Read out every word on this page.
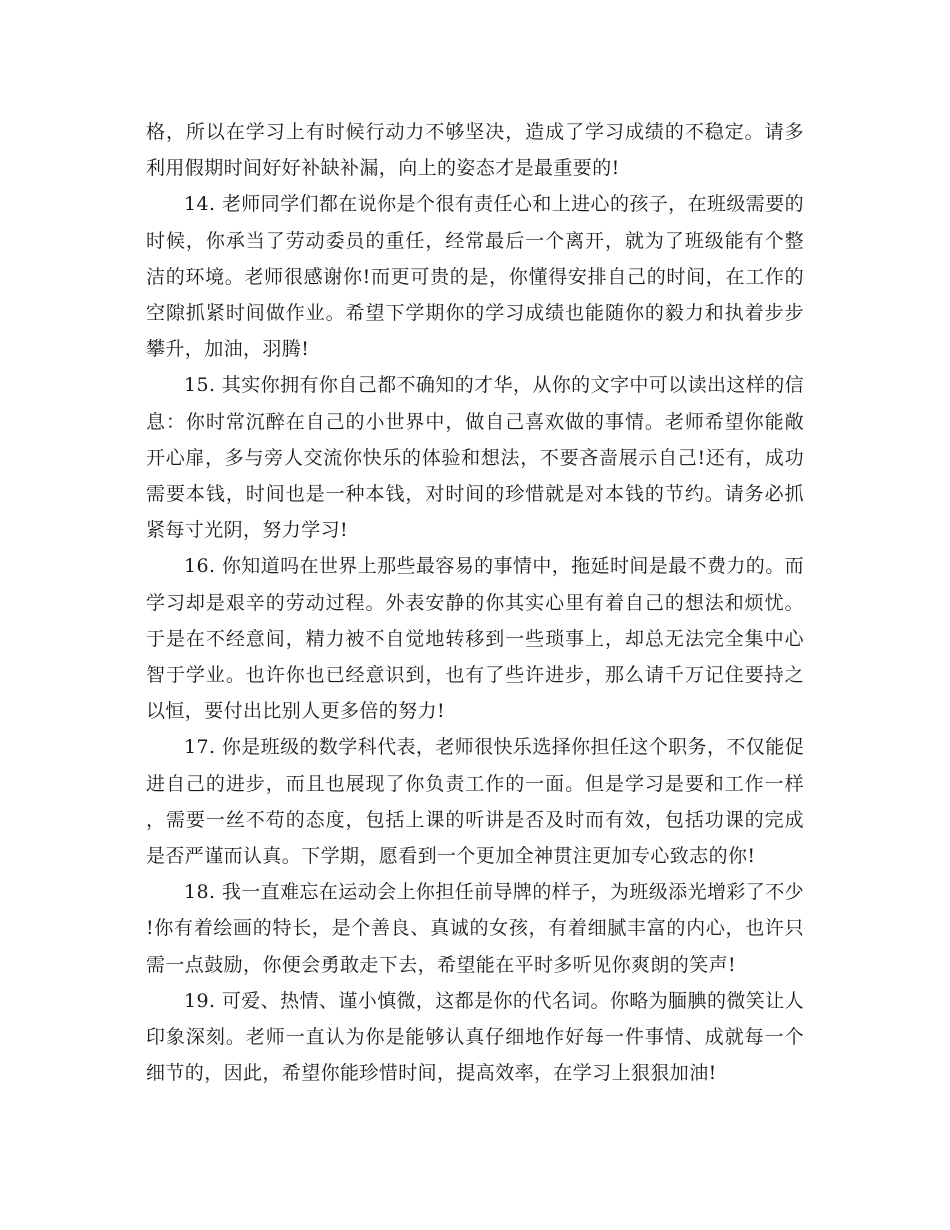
格，所以在学习上有时候行动力不够坚决，造成了学习成绩的不稳定。请多利用假期时间好好补缺补漏，向上的姿态才是最重要的!

14. 老师同学们都在说你是个很有责任心和上进心的孩子，在班级需要的时候，你承当了劳动委员的重任，经常最后一个离开，就为了班级能有个整洁的环境。老师很感谢你!而更可贵的是，你懂得安排自己的时间，在工作的空隙抓紧时间做作业。希望下学期你的学习成绩也能随你的毅力和执着步步攀升，加油，羽腾!

15. 其实你拥有你自己都不确知的才华，从你的文字中可以读出这样的信息：你时常沉醉在自己的小世界中，做自己喜欢做的事情。老师希望你能敞开心扉，多与旁人交流你快乐的体验和想法，不要吝啬展示自己!还有，成功需要本钱，时间也是一种本钱，对时间的珍惜就是对本钱的节约。请务必抓紧每寸光阴，努力学习!

16. 你知道吗在世界上那些最容易的事情中，拖延时间是最不费力的。而学习却是艰辛的劳动过程。外表安静的你其实心里有着自己的想法和烦忧。于是在不经意间，精力被不自觉地转移到一些琐事上，却总无法完全集中心智于学业。也许你也已经意识到，也有了些许进步，那么请千万记住要持之以恒，要付出比别人更多倍的努力!

17. 你是班级的数学科代表，老师很快乐选择你担任这个职务，不仅能促进自己的进步，而且也展现了你负责工作的一面。但是学习是要和工作一样，需要一丝不苟的态度，包括上课的听讲是否及时而有效，包括功课的完成是否严谨而认真。下学期，愿看到一个更加全神贯注更加专心致志的你!

18. 我一直难忘在运动会上你担任前导牌的样子，为班级添光增彩了不少!你有着绘画的特长，是个善良、真诚的女孩，有着细腻丰富的内心，也许只需一点鼓励，你便会勇敢走下去，希望能在平时多听见你爽朗的笑声!

19. 可爱、热情、谨小慎微，这都是你的代名词。你略为腼腆的微笑让人印象深刻。老师一直认为你是能够认真仔细地作好每一件事情、成就每一个细节的，因此，希望你能珍惜时间，提高效率，在学习上狠狠加油!
